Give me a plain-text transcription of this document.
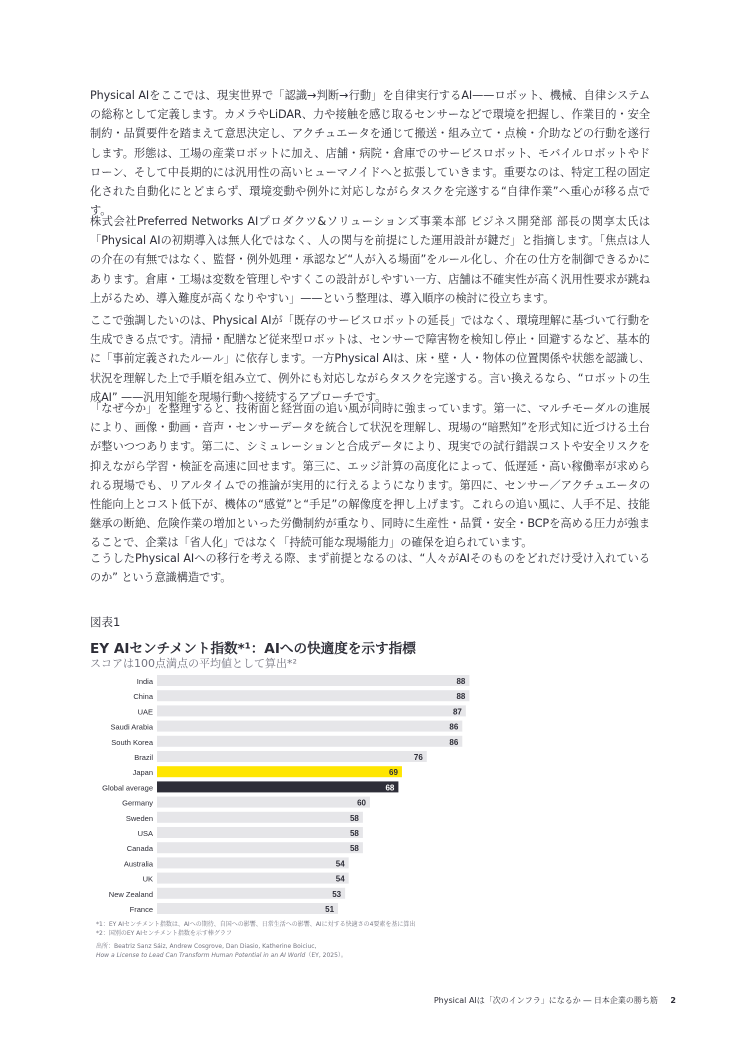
Physical AIをここでは、現実世界で「認識→判断→行動」を自律実行するAI——ロボット、機械、自律システムの総称として定義します。カメラやLiDAR、力や接触を感じ取るセンサーなどで環境を把握し、作業目的・安全制約・品質要件を踏まえて意思決定し、アクチュエータを通じて搬送・組み立て・点検・介助などの行動を遂行します。形態は、工場の産業ロボットに加え、店舗・病院・倉庫でのサービスロボット、モバイルロボットやドローン、そして中長期的には汎用性の高いヒューマノイドへと拡張していきます。重要なのは、特定工程の固定化された自動化にとどまらず、環境変動や例外に対応しながらタスクを完遂する“自律作業”へ重心が移る点です。

株式会社Preferred Networks AIプロダクツ&ソリューションズ事業本部 ビジネス開発部 部長の関享太氏は「Physical AIの初期導入は無人化ではなく、人の関与を前提にした運用設計が鍵だ」と指摘します。「焦点は人の介在の有無ではなく、監督・例外処理・承認など“人が入る場面”をルール化し、介在の仕方を制御できるかにあります。倉庫・工場は変数を管理しやすくこの設計がしやすい一方、店舗は不確実性が高く汎用性要求が跳ね上がるため、導入難度が高くなりやすい」——という整理は、導入順序の検討に役立ちます。

ここで強調したいのは、Physical AIが「既存のサービスロボットの延長」ではなく、環境理解に基づいて行動を生成できる点です。清掃・配膳など従来型ロボットは、センサーで障害物を検知し停止・回避するなど、基本的に「事前定義されたルール」に依存します。一方Physical AIは、床・壁・人・物体の位置関係や状態を認識し、状況を理解した上で手順を組み立て、例外にも対応しながらタスクを完遂する。言い換えるなら、“ロボットの生成AI” ——汎用知能を現場行動へ接続するアプローチです。

「なぜ今か」を整理すると、技術面と経営面の追い風が同時に強まっています。第一に、マルチモーダルの進展により、画像・動画・音声・センサーデータを統合して状況を理解し、現場の“暗黙知”を形式知に近づける土台が整いつつあります。第二に、シミュレーションと合成データにより、現実での試行錯誤コストや安全リスクを抑えながら学習・検証を高速に回せます。第三に、エッジ計算の高度化によって、低遅延・高い稼働率が求められる現場でも、リアルタイムでの推論が実用的に行えるようになります。第四に、センサー／アクチュエータの性能向上とコスト低下が、機体の“感覚”と“手足”の解像度を押し上げます。これらの追い風に、人手不足、技能継承の断絶、危険作業の増加といった労働制約が重なり、同時に生産性・品質・安全・BCPを高める圧力が強まることで、企業は「省人化」ではなく「持続可能な現場能力」の確保を迫られています。

こうしたPhysical AIへの移行を考える際、まず前提となるのは、“人々がAIそのものをどれだけ受け入れているのか” という意識構造です。

図表1
EY AIセンチメント指数*¹：AIへの快適度を示す指標
スコアは100点満点の平均値として算出*²
India	88
China	88
UAE	87
Saudi Arabia	86
South Korea	86
Brazil	76
Japan	69
Global average	68
Germany	60
Sweden	58
USA	58
Canada	58
Australia	54
UK	54
New Zealand	53
France	51
*1：EY AIセンチメント指数は、AIへの期待、自国への影響、日常生活への影響、AIに対する快適さの4要素を基に算出
*2：国別のEY AIセンチメント指数を示す棒グラフ
出所：Beatriz Sanz Sáiz, Andrew Cosgrove, Dan Diasio, Katherine Boiciuc,
How a License to Lead Can Transform Human Potential in an AI World（EY, 2025）。
Physical AIは「次のインフラ」になるか ― 日本企業の勝ち筋 2
